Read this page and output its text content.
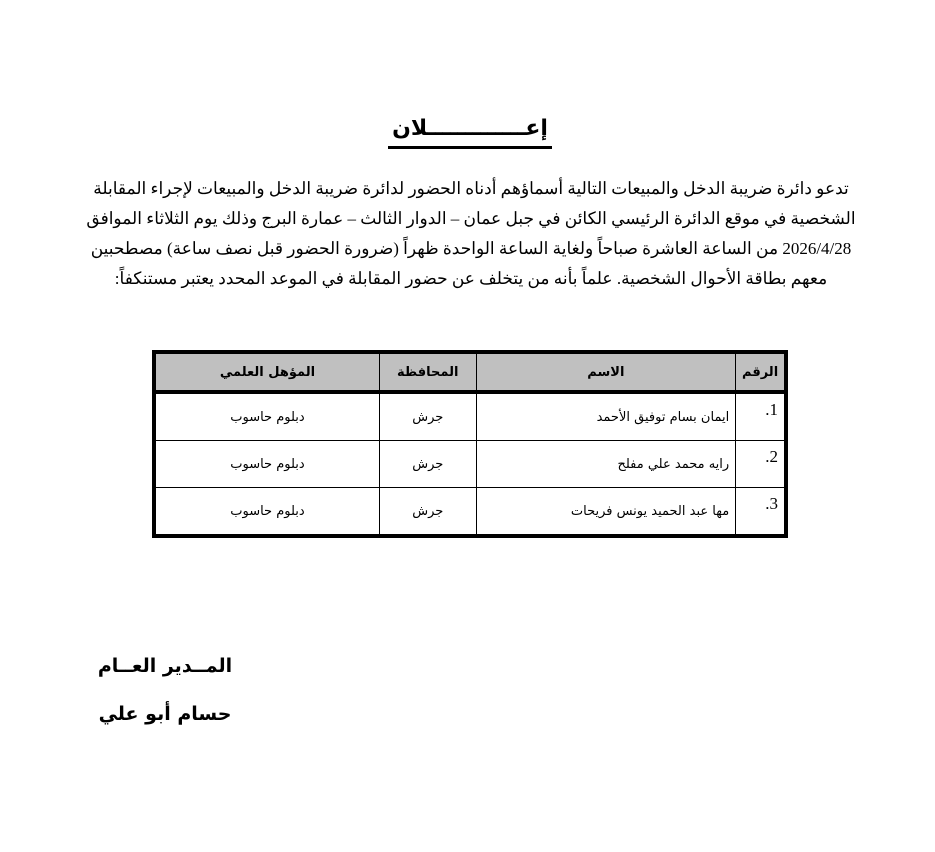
إعـــــــــــــلان
تدعو دائرة ضريبة الدخل والمبيعات التالية أسماؤهم أدناه الحضور لدائرة ضريبة الدخل والمبيعات لإجراء المقابلة
الشخصية في موقع الدائرة الرئيسي الكائن في جبل عمان – الدوار الثالث – عمارة البرج وذلك يوم الثلاثاء الموافق
2026/4/28 من الساعة العاشرة صباحاً ولغاية الساعة الواحدة ظهراً (ضرورة الحضور قبل نصف ساعة) مصطحبين
معهم بطاقة الأحوال الشخصية. علماً بأنه من يتخلف عن حضور المقابلة في الموعد المحدد يعتبر مستنكفاً:
الرقم	الاسم	المحافظة	المؤهل العلمي
1.	ايمان بسام توفيق الأحمد	جرش	دبلوم حاسوب
2.	رايه محمد علي مفلح	جرش	دبلوم حاسوب
3.	مها عبد الحميد يونس فريحات	جرش	دبلوم حاسوب
المــدير العــام
حسام أبو علي
